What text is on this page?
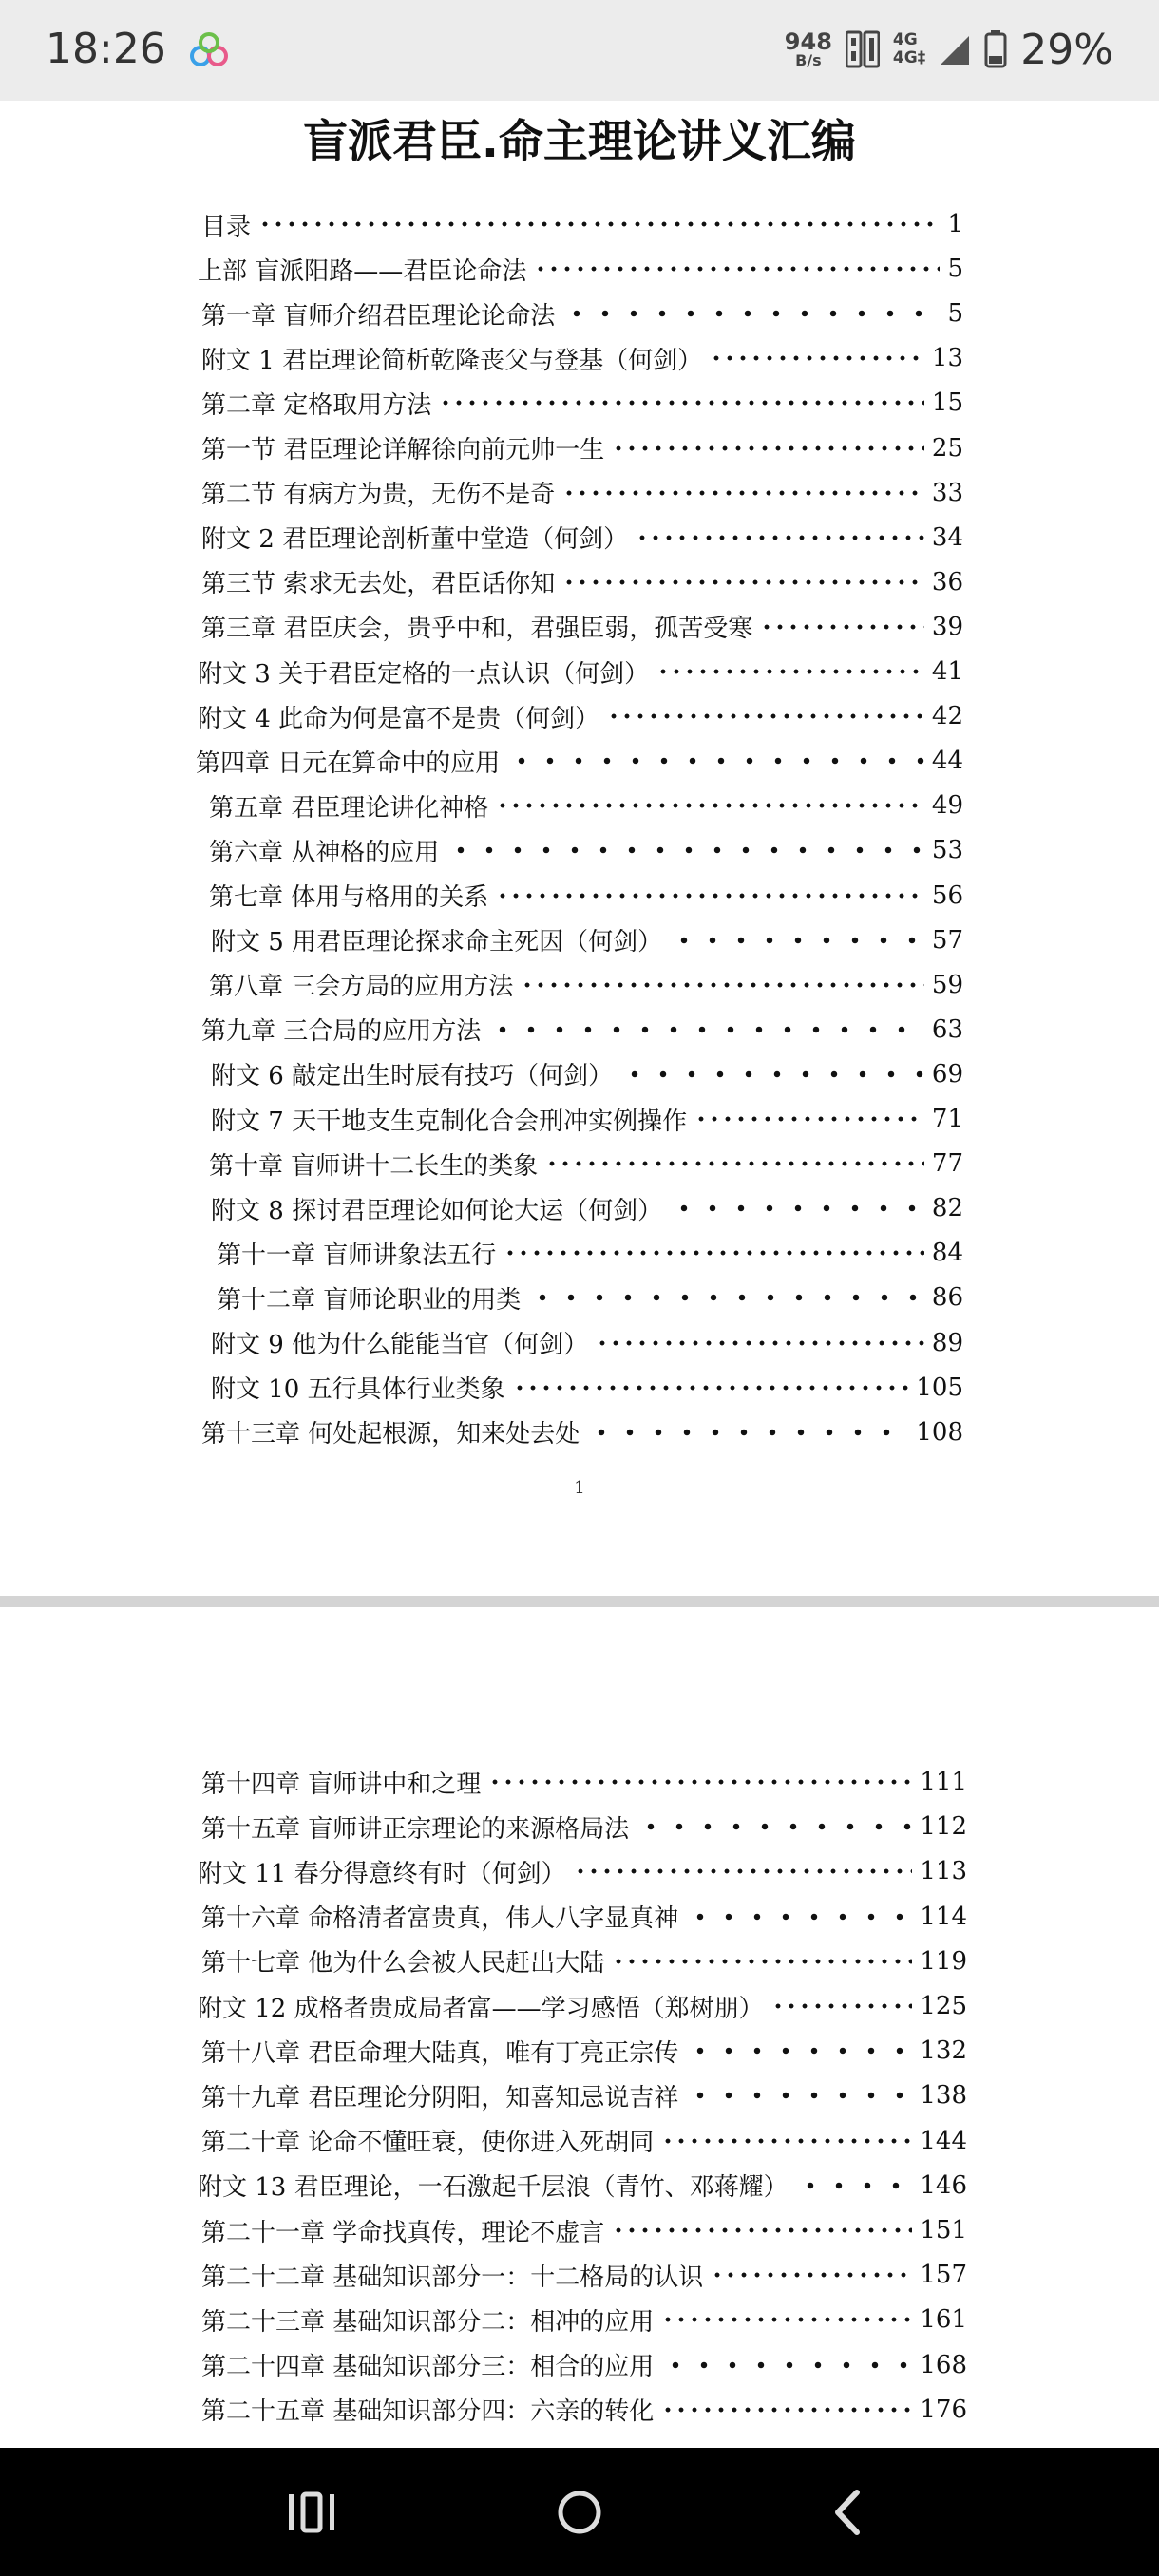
18:26	948
B/s
4G
4G‡ 29%
盲派君臣.命主理论讲义汇编
目录	1
上部 盲派阳路——君臣论命法	5
第一章 盲师介绍君臣理论论命法	5
附文 1 君臣理论简析乾隆丧父与登基（何剑）	13
第二章 定格取用方法	15
第一节 君臣理论详解徐向前元帅一生	25
第二节 有病方为贵，无伤不是奇	33
附文 2 君臣理论剖析董中堂造（何剑）	34
第三节 索求无去处，君臣话你知	36
第三章 君臣庆会，贵乎中和，君强臣弱，孤苦受寒	39
附文 3 关于君臣定格的一点认识（何剑）	41
附文 4 此命为何是富不是贵（何剑）	42
第四章 日元在算命中的应用	44
第五章 君臣理论讲化神格	49
第六章 从神格的应用	53
第七章 体用与格用的关系	56
附文 5 用君臣理论探求命主死因（何剑）	57
第八章 三会方局的应用方法	59
第九章 三合局的应用方法	63
附文 6 敲定出生时辰有技巧（何剑）	69
附文 7 天干地支生克制化合会刑冲实例操作	71
第十章 盲师讲十二长生的类象	77
附文 8 探讨君臣理论如何论大运（何剑）	82
第十一章 盲师讲象法五行	84
第十二章 盲师论职业的用类	86
附文 9 他为什么能能当官（何剑）	89
附文 10 五行具体行业类象	105
第十三章 何处起根源，知来处去处	108
1
第十四章 盲师讲中和之理	111
第十五章 盲师讲正宗理论的来源格局法	112
附文 11 春分得意终有时（何剑）	113
第十六章 命格清者富贵真，伟人八字显真神	114
第十七章 他为什么会被人民赶出大陆	119
附文 12 成格者贵成局者富——学习感悟（郑树朋）	125
第十八章 君臣命理大陆真，唯有丁亮正宗传	132
第十九章 君臣理论分阴阳，知喜知忌说吉祥	138
第二十章 论命不懂旺衰，使你进入死胡同	144
附文 13 君臣理论，一石激起千层浪（青竹、邓蒋耀）	146
第二十一章 学命找真传，理论不虚言	151
第二十二章 基础知识部分一：十二格局的认识	157
第二十三章 基础知识部分二：相冲的应用	161
第二十四章 基础知识部分三：相合的应用	168
第二十五章 基础知识部分四：六亲的转化	176
